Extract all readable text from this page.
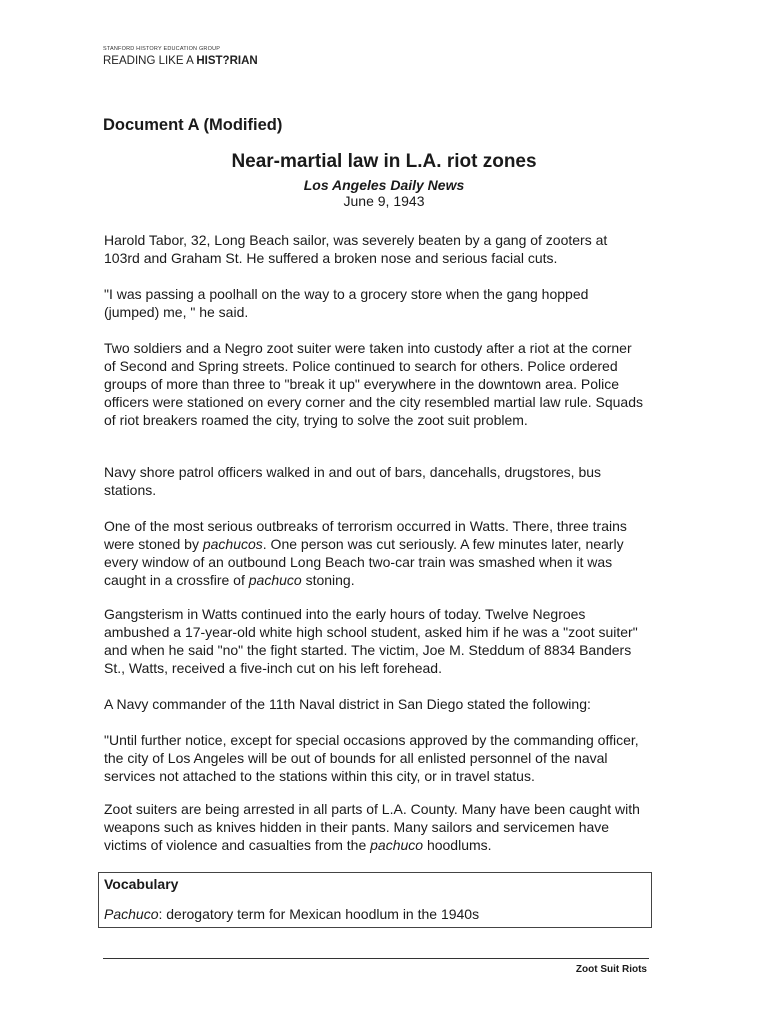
STANFORD HISTORY EDUCATION GROUP
READING LIKE A HIST?RIAN
Document A (Modified)
Near-martial law in L.A. riot zones
Los Angeles Daily News
June 9, 1943

Harold Tabor, 32, Long Beach sailor, was severely beaten by a gang of zooters at 103rd and Graham St. He suffered a broken nose and serious facial cuts.

"I was passing a poolhall on the way to a grocery store when the gang hopped (jumped) me, " he said.

Two soldiers and a Negro zoot suiter were taken into custody after a riot at the corner of Second and Spring streets. Police continued to search for others. Police ordered groups of more than three to "break it up" everywhere in the downtown area. Police officers were stationed on every corner and the city resembled martial law rule. Squads of riot breakers roamed the city, trying to solve the zoot suit problem.

Navy shore patrol officers walked in and out of bars, dancehalls, drugstores, bus stations.

One of the most serious outbreaks of terrorism occurred in Watts. There, three trains were stoned by pachucos. One person was cut seriously. A few minutes later, nearly every window of an outbound Long Beach two-car train was smashed when it was caught in a crossfire of pachuco stoning.

Gangsterism in Watts continued into the early hours of today. Twelve Negroes ambushed a 17-year-old white high school student, asked him if he was a "zoot suiter" and when he said "no" the fight started. The victim, Joe M. Steddum of 8834 Banders St., Watts, received a five-inch cut on his left forehead.

A Navy commander of the 11th Naval district in San Diego stated the following:

"Until further notice, except for special occasions approved by the commanding officer, the city of Los Angeles will be out of bounds for all enlisted personnel of the naval services not attached to the stations within this city, or in travel status.

Zoot suiters are being arrested in all parts of L.A. County. Many have been caught with weapons such as knives hidden in their pants. Many sailors and servicemen have victims of violence and casualties from the pachuco hoodlums.

Vocabulary
Pachuco: derogatory term for Mexican hoodlum in the 1940s
Zoot Suit Riots
